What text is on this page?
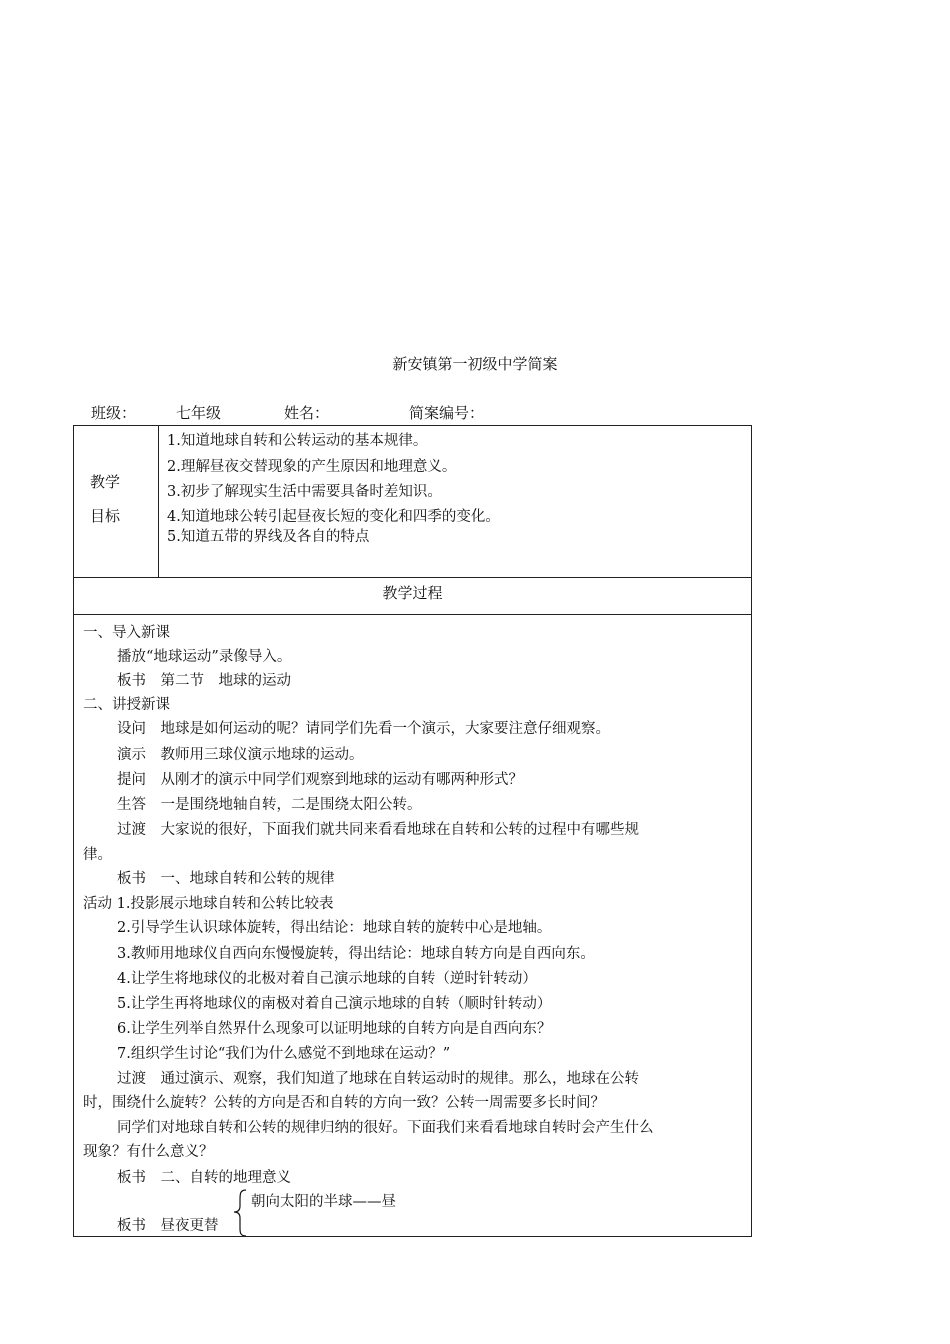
新安镇第一初级中学简案
班级：	七年级	姓名：	简案编号：
教学
目标
1.知道地球自转和公转运动的基本规律。
2.理解昼夜交替现象的产生原因和地理意义。
3.初步了解现实生活中需要具备时差知识。
4.知道地球公转引起昼夜长短的变化和四季的变化。
5.知道五带的界线及各自的特点
教学过程
一、导入新课
播放“地球运动”录像导入。
板书　第二节　地球的运动
二、讲授新课
设问　地球是如何运动的呢？请同学们先看一个演示，大家要注意仔细观察。
演示　教师用三球仪演示地球的运动。
提问　从刚才的演示中同学们观察到地球的运动有哪两种形式？
生答　一是围绕地轴自转，二是围绕太阳公转。
过渡　大家说的很好，下面我们就共同来看看地球在自转和公转的过程中有哪些规
律。
板书　一、地球自转和公转的规律
活动 1.投影展示地球自转和公转比较表
2.引导学生认识球体旋转，得出结论：地球自转的旋转中心是地轴。
3.教师用地球仪自西向东慢慢旋转，得出结论：地球自转方向是自西向东。
4.让学生将地球仪的北极对着自己演示地球的自转（逆时针转动）
5.让学生再将地球仪的南极对着自己演示地球的自转（顺时针转动）
6.让学生列举自然界什么现象可以证明地球的自转方向是自西向东？
7.组织学生讨论“我们为什么感觉不到地球在运动？”
过渡　通过演示、观察，我们知道了地球在自转运动时的规律。那么，地球在公转
时，围绕什么旋转？公转的方向是否和自转的方向一致？公转一周需要多长时间？
同学们对地球自转和公转的规律归纳的很好。下面我们来看看地球自转时会产生什么
现象？有什么意义？
板书　二、自转的地理意义
朝向太阳的半球——昼
板书　昼夜更替
